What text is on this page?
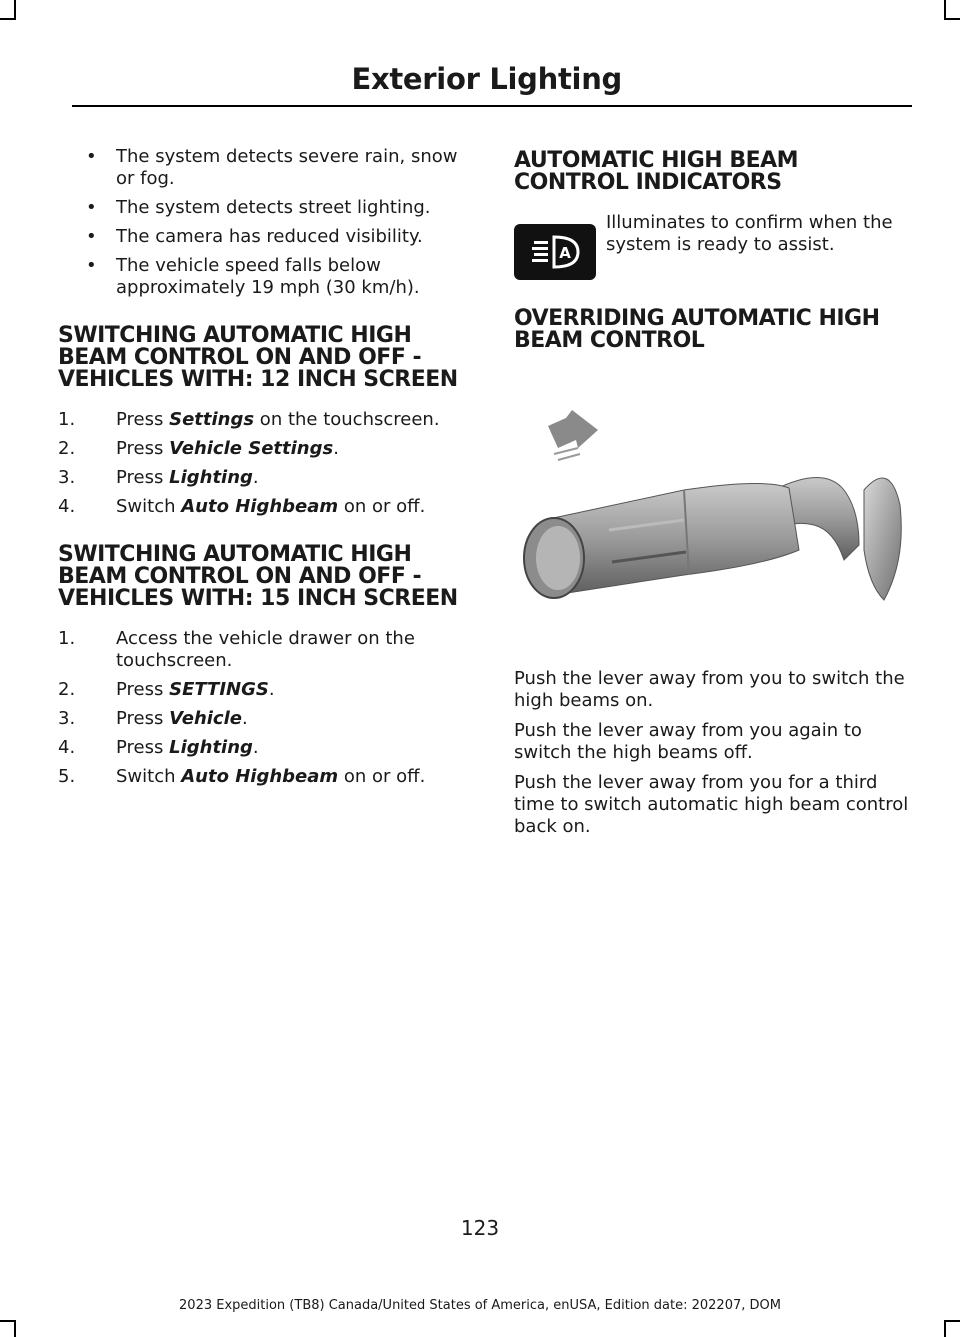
Exterior Lighting
• The system detects severe rain, snow or fog.
• The system detects street lighting.
• The camera has reduced visibility.
• The vehicle speed falls below approximately 19 mph (30 km/h).
SWITCHING AUTOMATIC HIGH BEAM CONTROL ON AND OFF - VEHICLES WITH: 12 INCH SCREEN
1. Press Settings on the touchscreen.
2. Press Vehicle Settings.
3. Press Lighting.
4. Switch Auto Highbeam on or off.
SWITCHING AUTOMATIC HIGH BEAM CONTROL ON AND OFF - VEHICLES WITH: 15 INCH SCREEN
1. Access the vehicle drawer on the touchscreen.
2. Press SETTINGS.
3. Press Vehicle.
4. Press Lighting.
5. Switch Auto Highbeam on or off.
AUTOMATIC HIGH BEAM CONTROL INDICATORS
A
Illuminates to confirm when the system is ready to assist.
OVERRIDING AUTOMATIC HIGH BEAM CONTROL

Push the lever away from you to switch the high beams on.

Push the lever away from you again to switch the high beams off.

Push the lever away from you for a third time to switch automatic high beam control back on.

123
2023 Expedition (TB8) Canada/United States of America, enUSA, Edition date: 202207, DOM
